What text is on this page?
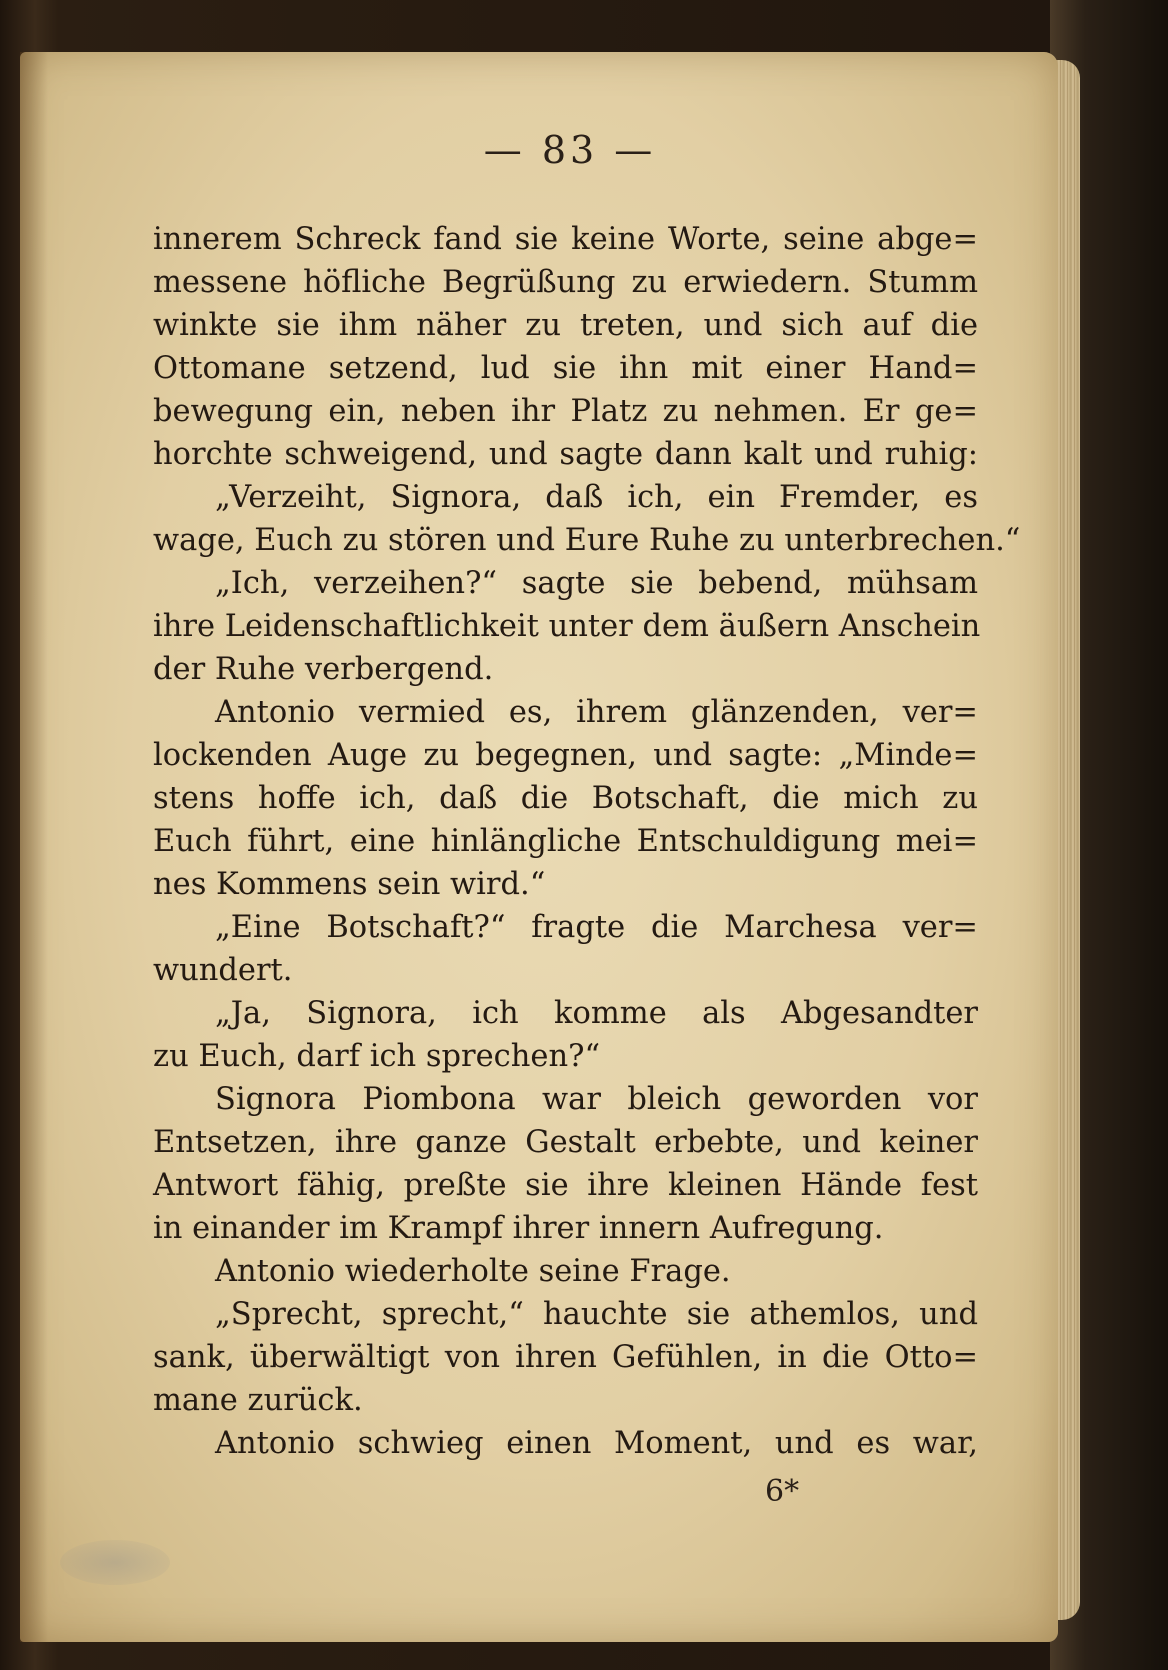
— 83 —
innerem Schreck fand sie keine Worte, seine abge=
messene höfliche Begrüßung zu erwiedern. Stumm
winkte sie ihm näher zu treten, und sich auf die
Ottomane setzend, lud sie ihn mit einer Hand=
bewegung ein, neben ihr Platz zu nehmen. Er ge=
horchte schweigend, und sagte dann kalt und ruhig:
„Verzeiht, Signora, daß ich, ein Fremder, es
wage, Euch zu stören und Eure Ruhe zu unterbrechen.“
„Ich, verzeihen?“ sagte sie bebend, mühsam
ihre Leidenschaftlichkeit unter dem äußern Anschein
der Ruhe verbergend.
Antonio vermied es, ihrem glänzenden, ver=
lockenden Auge zu begegnen, und sagte: „Minde=
stens hoffe ich, daß die Botschaft, die mich zu
Euch führt, eine hinlängliche Entschuldigung mei=
nes Kommens sein wird.“
„Eine Botschaft?“ fragte die Marchesa ver=
wundert.
„Ja, Signora, ich komme als Abgesandter
zu Euch, darf ich sprechen?“
Signora Piombona war bleich geworden vor
Entsetzen, ihre ganze Gestalt erbebte, und keiner
Antwort fähig, preßte sie ihre kleinen Hände fest
in einander im Krampf ihrer innern Aufregung.
Antonio wiederholte seine Frage.
„Sprecht, sprecht,“ hauchte sie athemlos, und
sank, überwältigt von ihren Gefühlen, in die Otto=
mane zurück.
Antonio schwieg einen Moment, und es war,
6*
